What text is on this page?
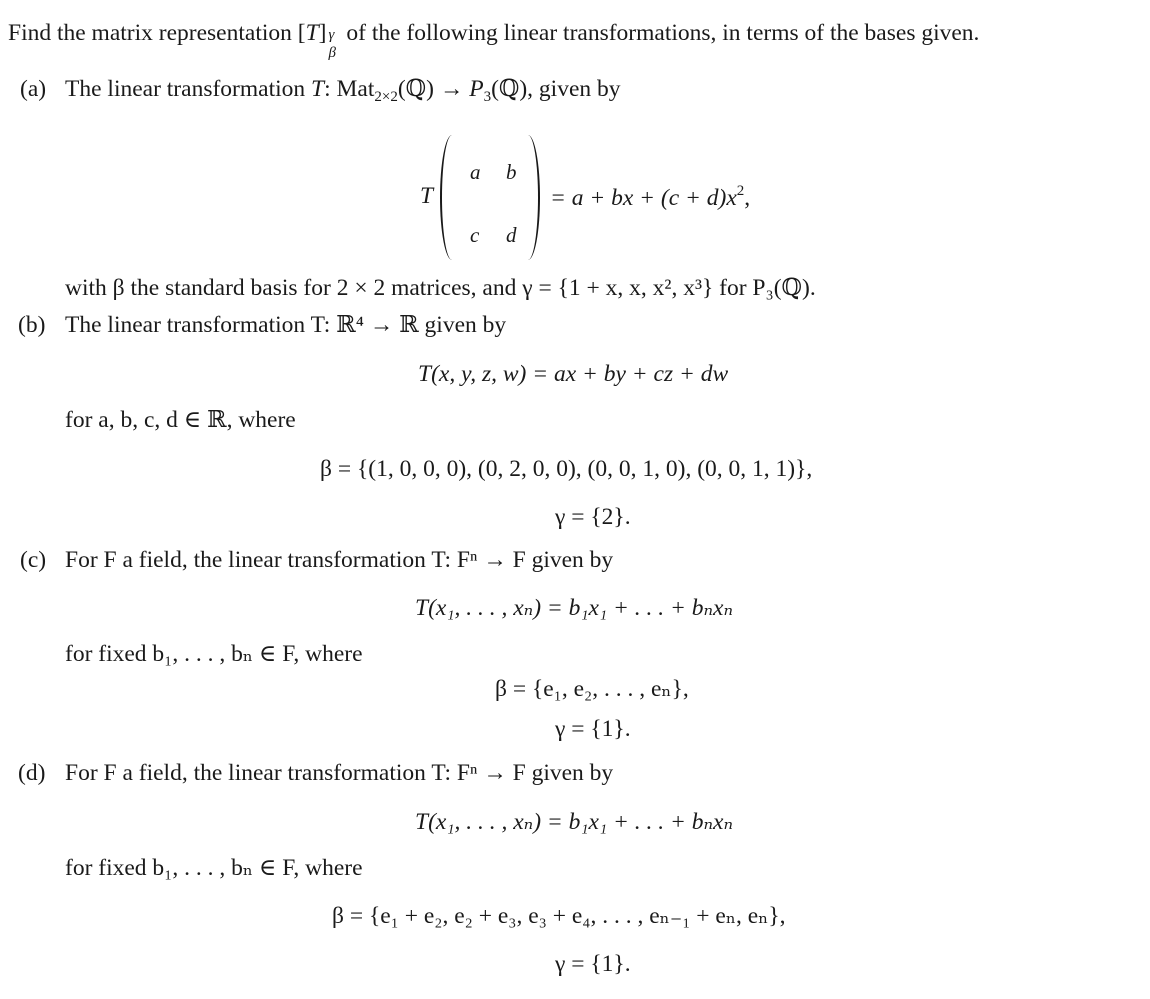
Find the matrix representation [T] γ
β
of the following linear transformations, in terms of the bases given.
(a) The linear transformation T: Mat$_{2\times 2}$(ℚ) → $P_3(ℚ)$, given by
T
a b
c d
= a + bx + $(c + d)x^2$,
with β the standard basis for 2 × 2 matrices, and γ = {1 + x, x, x², x³} for P₃(ℚ).
(b) The linear transformation T: ℝ⁴ → ℝ given by
T(x, y, z, w) = ax + by + cz + dw
for a, b, c, d ∈ ℝ, where
β = {(1, 0, 0, 0), (0, 2, 0, 0), (0, 0, 1, 0), (0, 0, 1, 1)},
γ = {2}.
(c) For F a field, the linear transformation T: Fⁿ → F given by
T(x₁, . . . , xₙ) = b₁x₁ + . . . + bₙxₙ
for fixed b₁, . . . , bₙ ∈ F, where
β = {e₁, e₂, . . . , eₙ},
γ = {1}.
(d) For F a field, the linear transformation T: Fⁿ → F given by
T(x₁, . . . , xₙ) = b₁x₁ + . . . + bₙxₙ
for fixed b₁, . . . , bₙ ∈ F, where
β = {e₁ + e₂, e₂ + e₃, e₃ + e₄, . . . , eₙ₋₁ + eₙ, eₙ},
γ = {1}.
